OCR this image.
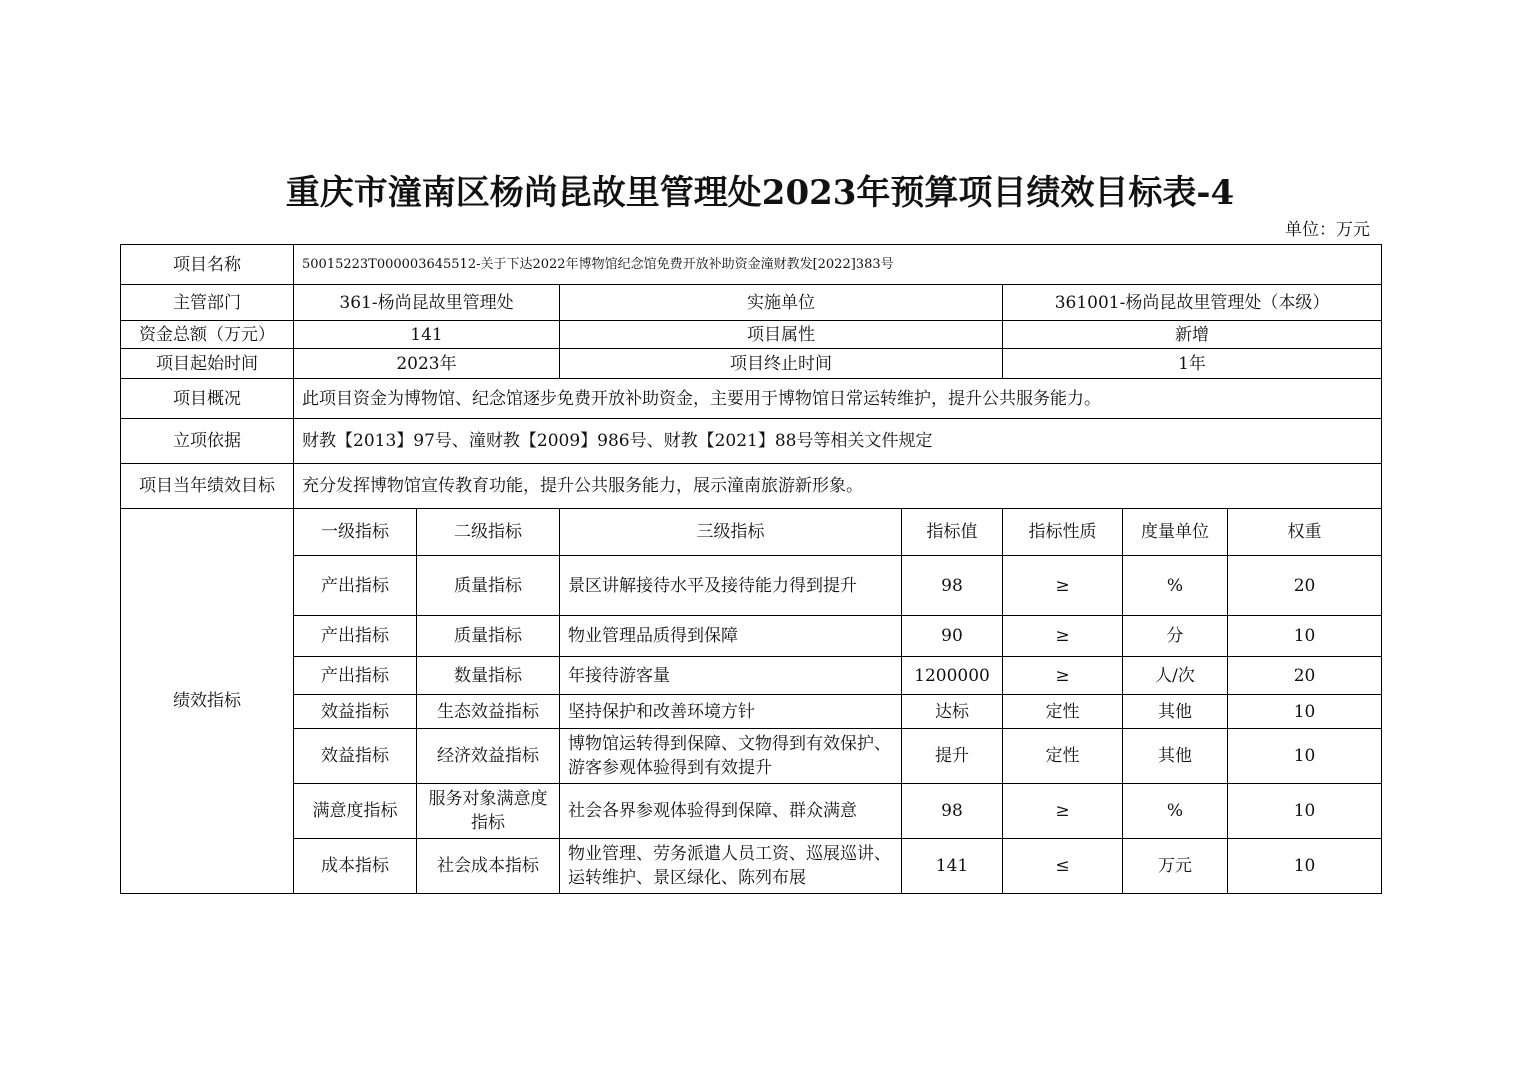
重庆市潼南区杨尚昆故里管理处2023年预算项目绩效目标表-4
单位：万元
项目名称	50015223T000003645512-关于下达2022年博物馆纪念馆免费开放补助资金潼财教发[2022]383号						
主管部门	361-杨尚昆故里管理处		实施单位		361001-杨尚昆故里管理处（本级）		
资金总额（万元）	141		项目属性		新增		
项目起始时间	2023年		项目终止时间		1年		
项目概况	此项目资金为博物馆、纪念馆逐步免费开放补助资金，主要用于博物馆日常运转维护，提升公共服务能力。						
立项依据	财教【2013】97号、潼财教【2009】986号、财教【2021】88号等相关文件规定						
项目当年绩效目标	充分发挥博物馆宣传教育功能，提升公共服务能力，展示潼南旅游新形象。						
绩效指标	一级指标	二级指标	三级指标	指标值	指标性质	度量单位	权重
	产出指标	质量指标	景区讲解接待水平及接待能力得到提升	98	≥	%	20
	产出指标	质量指标	物业管理品质得到保障	90	≥	分	10
	产出指标	数量指标	年接待游客量	1200000	≥	人/次	20
	效益指标	生态效益指标	坚持保护和改善环境方针	达标	定性	其他	10
	效益指标	经济效益指标	博物馆运转得到保障、文物得到有效保护、游客参观体验得到有效提升	提升	定性	其他	10
	满意度指标	服务对象满意度指标	社会各界参观体验得到保障、群众满意	98	≥	%	10
	成本指标	社会成本指标	物业管理、劳务派遣人员工资、巡展巡讲、运转维护、景区绿化、陈列布展	141	≤	万元	10
